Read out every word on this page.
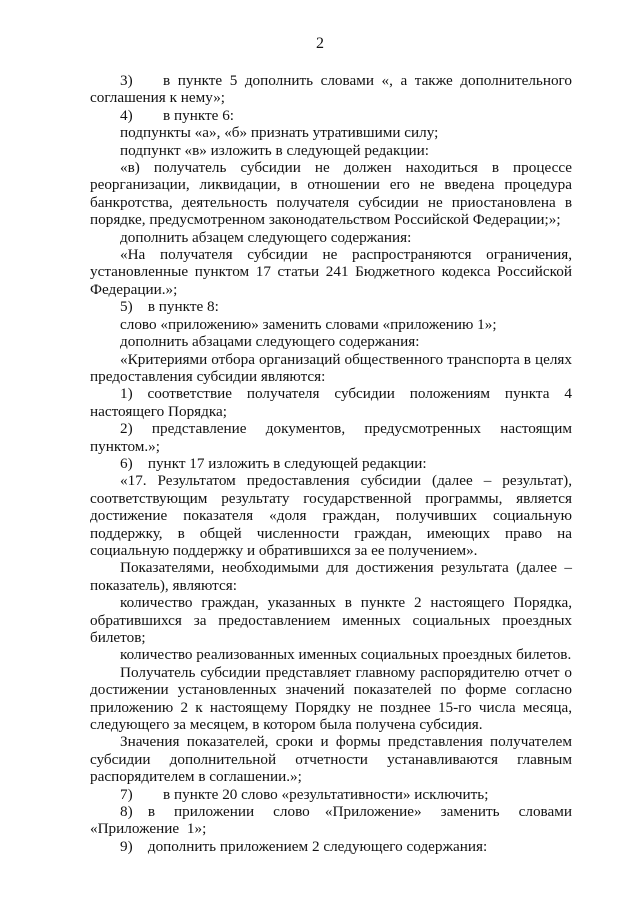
2

3)  в пункте 5 дополнить словами «, а также дополнительного соглашения к нему»;

4)  в пункте 6:

подпункты «а», «б» признать утратившими силу;

подпункт «в» изложить в следующей редакции:

«в) получатель субсидии не должен находиться в процессе реорганизации, ликвидации, в отношении его не введена процедура банкротства, деятельность получателя субсидии не приостановлена в порядке, предусмотренном законодательством Российской Федерации;»;

дополнить абзацем следующего содержания:

«На получателя субсидии не распространяются ограничения, установленные пунктом 17 статьи 241 Бюджетного кодекса Российской Федерации.»;

5) в пункте 8:

слово «приложению» заменить словами «приложению 1»;

дополнить абзацами следующего содержания:

«Критериями отбора организаций общественного транспорта в целях предоставления субсидии являются:

1) соответствие получателя субсидии положениям пункта 4 настоящего Порядка;

2) представление документов, предусмотренных настоящим пунктом.»;

6) пункт 17 изложить в следующей редакции:

«17. Результатом предоставления субсидии (далее – результат), соответствующим результату государственной программы, является достижение показателя «доля граждан, получивших социальную поддержку, в общей численности граждан, имеющих право на социальную поддержку и обратившихся за ее получением».

Показателями, необходимыми для достижения результата (далее – показатель), являются:

количество граждан, указанных в пункте 2 настоящего Порядка, обратившихся за предоставлением именных социальных проездных билетов;

количество реализованных именных социальных проездных билетов.

Получатель субсидии представляет главному распорядителю отчет о достижении установленных значений показателей по форме согласно приложению 2 к настоящему Порядку не позднее 15-го числа месяца, следующего за месяцем, в котором была получена субсидия.

Значения показателей, сроки и формы представления получателем субсидии дополнительной отчетности устанавливаются главным распорядителем в соглашении.»;

7)  в пункте 20 слово «результативности» исключить;

8) в приложении слово «Приложение» заменить словами «Приложение 1»;

9) дополнить приложением 2 следующего содержания:
